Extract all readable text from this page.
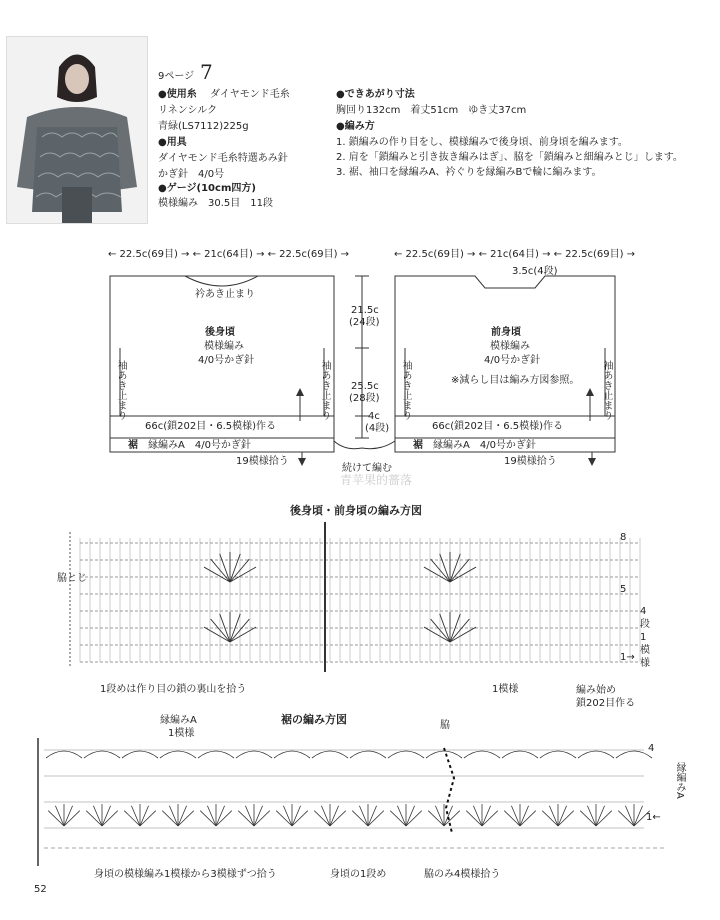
9ページ 7
●使用糸 ダイヤモンド毛糸
リネンシルク
青緑(LS7112)225g
●用具
ダイヤモンド毛糸特選あみ針
かぎ針　4/0号
●ゲージ(10cm四方)
模様編み　30.5目　11段
●できあがり寸法
胸回り132cm　着丈51cm　ゆき丈37cm
●編み方
1. 鎖編みの作り目をし、模様編みで後身頃、前身頃を編みます。
2. 肩を「鎖編みと引き抜き編みはぎ」、脇を「鎖編みと細編みとじ」します。
3. 裾、袖口を縁編みA、衿ぐりを縁編みBで輪に編みます。
← 22.5c(69目) → ← 21c(64目) → ← 22.5c(69目) →	← 22.5c(69目) → ← 21c(64目) → ← 22.5c(69目) →
衿あき止まり
3.5c(4段)
後身頃
模様編み
4/0号かぎ針
前身頃
模様編み
4/0号かぎ針
※減らし目は編み方図参照。
袖あき止まり	袖あき止まり	袖あき止まり	袖あき止まり
21.5c
(24段)
25.5c
(28段)
4c
(4段)
66c(鎖202目・6.5模様)作る	66c(鎖202目・6.5模様)作る
裾 縁編みA　4/0号かぎ針	裾 縁編みA　4/0号かぎ針
19模様拾う	19模様拾う
続けて編む
青苹果的薔落
後身頃・前身頃の編み方図
脇とじ
8
5
1→
4
段
1
模
様
1段めは作り目の鎖の裏山を拾う	1模様	編み始め
鎖202目作る
裾の編み方図
縁編みA
1模様
脇
4
1←
縁編みA
身頃の模様編み1模様から3模様ずつ拾う	身頃の1段め	脇のみ4模様拾う
52
